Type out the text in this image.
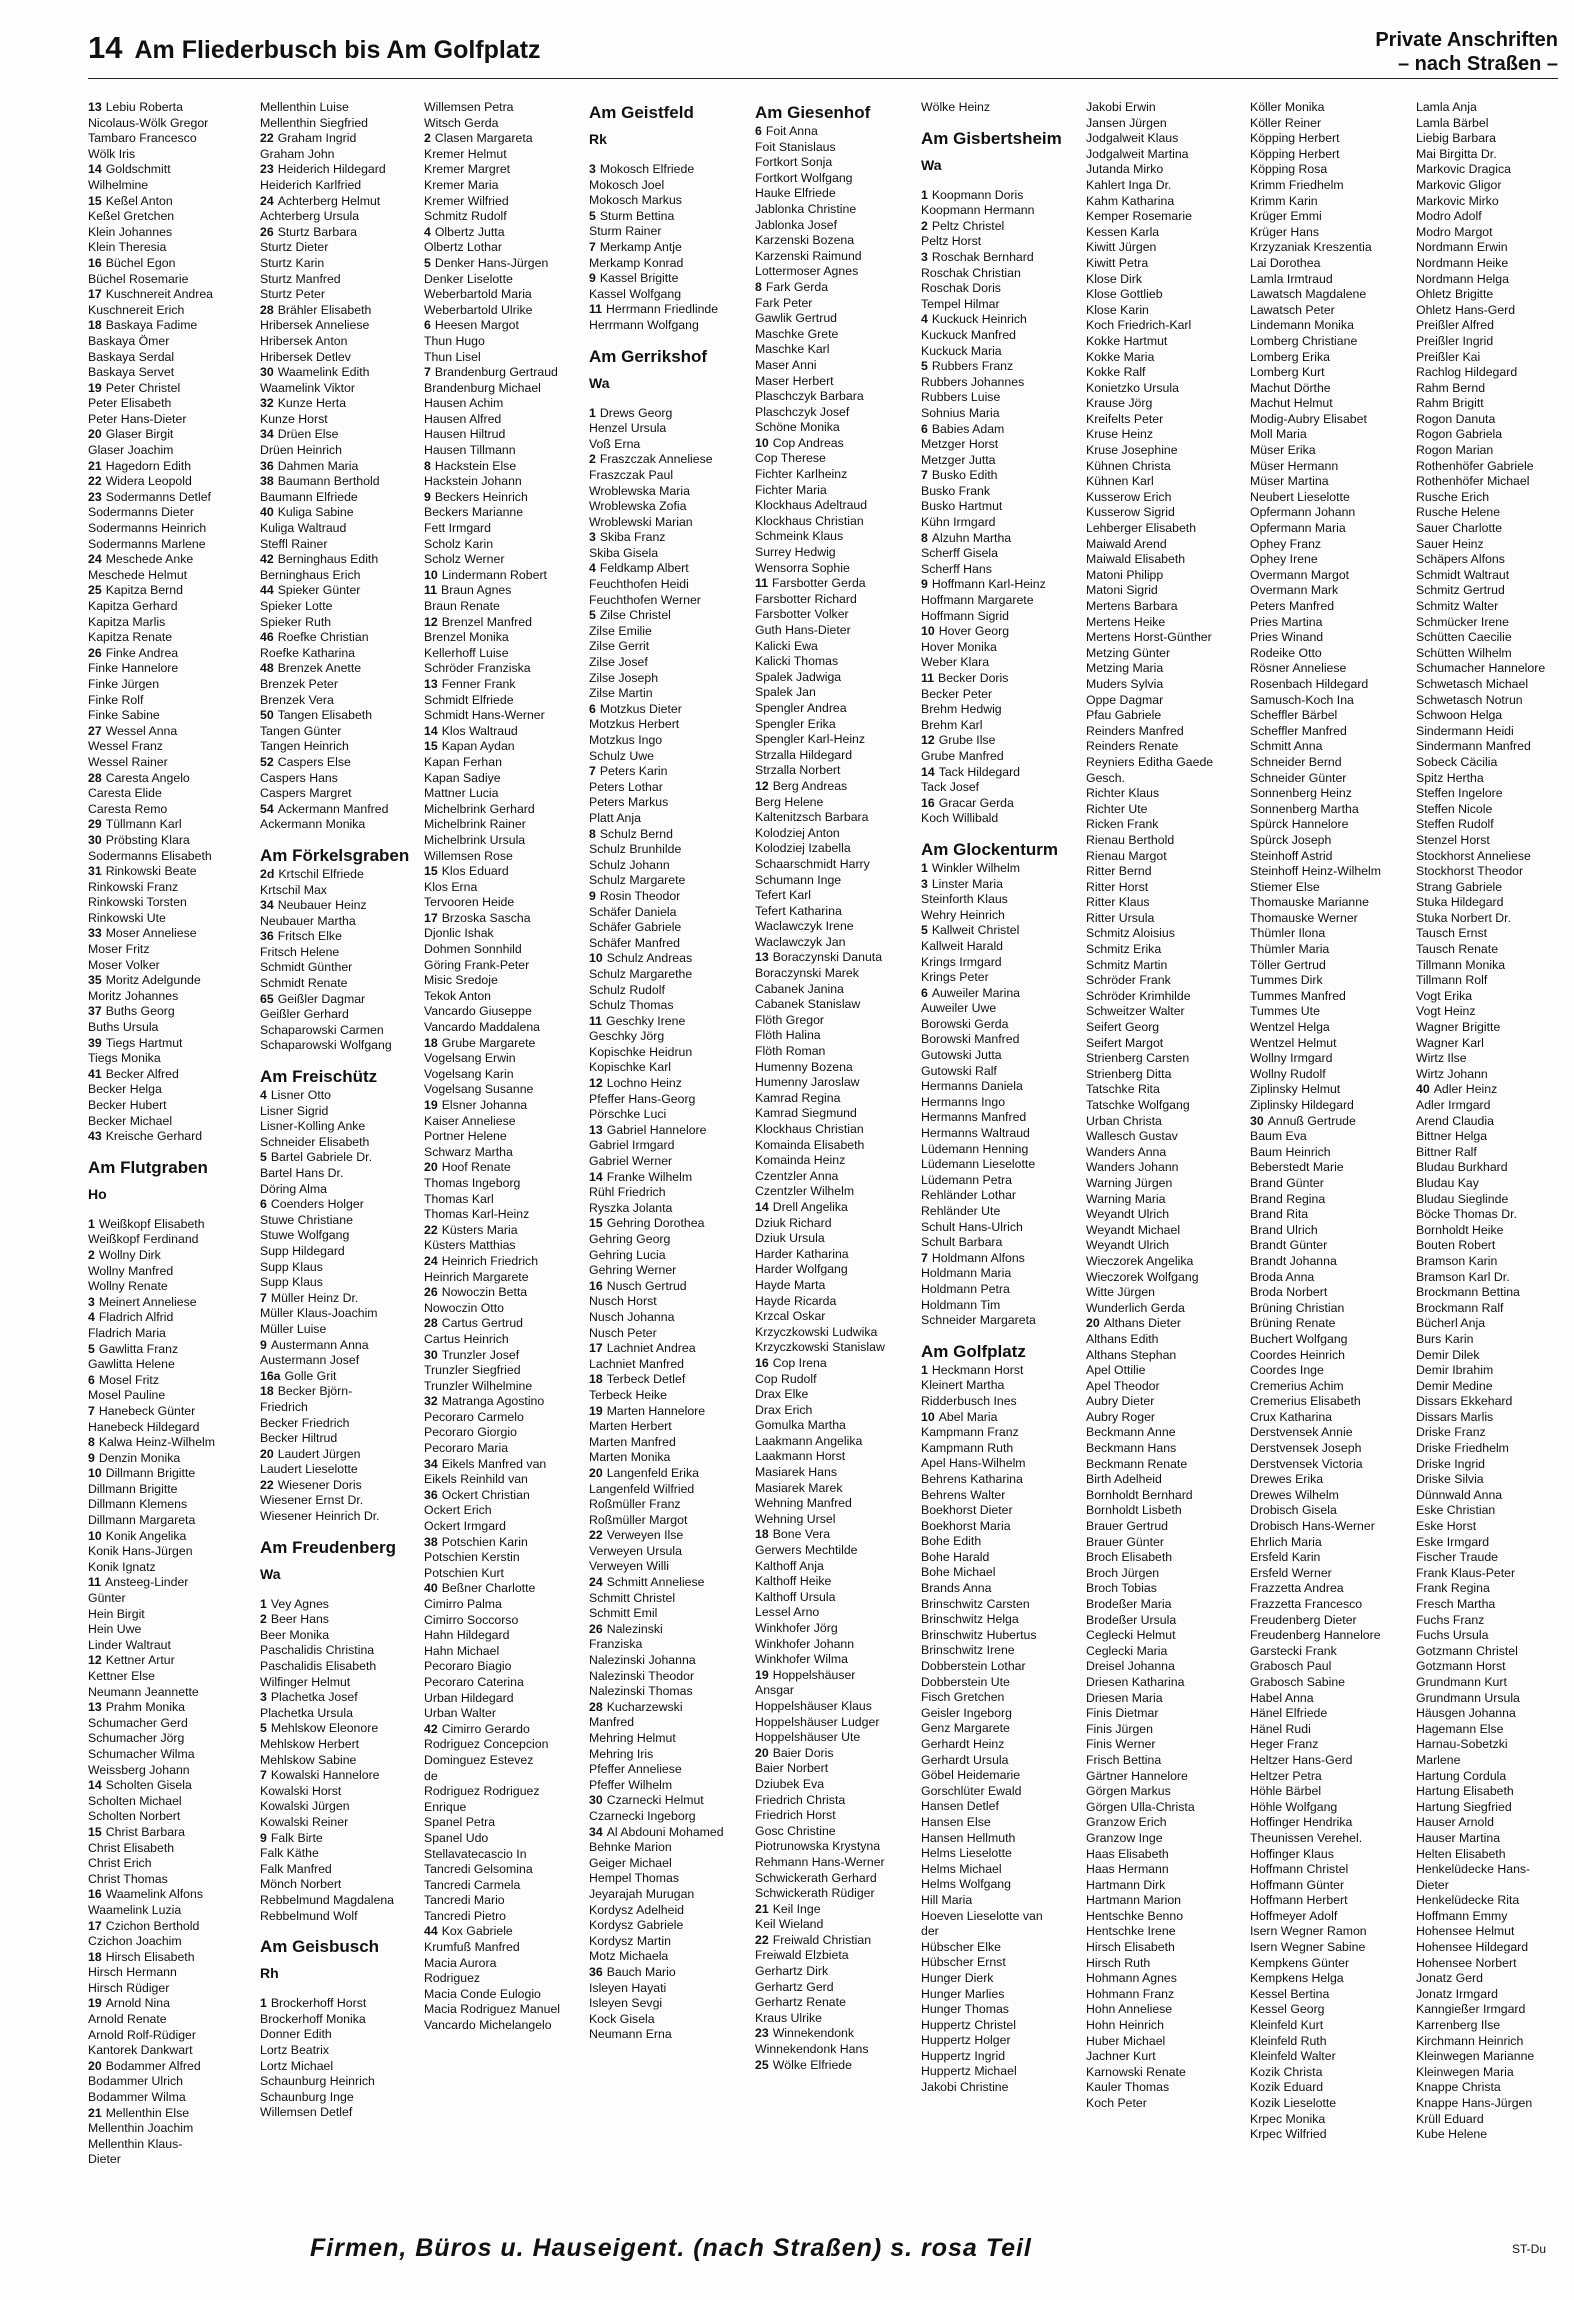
14 Am Fliederbusch bis Am Golfplatz	Private Anschriften
– nach Straßen –
13 Lebiu Roberta
Nicolaus-Wölk Gregor
Tambaro Francesco
Wölk Iris
14 Goldschmitt
Wilhelmine
15 Keßel Anton
Keßel Gretchen
Klein Johannes
Klein Theresia
16 Büchel Egon
Büchel Rosemarie
17 Kuschnereit Andrea
Kuschnereit Erich
18 Baskaya Fadime
Baskaya Ömer
Baskaya Serdal
Baskaya Servet
19 Peter Christel
Peter Elisabeth
Peter Hans-Dieter
20 Glaser Birgit
Glaser Joachim
21 Hagedorn Edith
22 Widera Leopold
23 Sodermanns Detlef
Sodermanns Dieter
Sodermanns Heinrich
Sodermanns Marlene
24 Meschede Anke
Meschede Helmut
25 Kapitza Bernd
Kapitza Gerhard
Kapitza Marlis
Kapitza Renate
26 Finke Andrea
Finke Hannelore
Finke Jürgen
Finke Rolf
Finke Sabine
27 Wessel Anna
Wessel Franz
Wessel Rainer
28 Caresta Angelo
Caresta Elide
Caresta Remo
29 Tüllmann Karl
30 Pröbsting Klara
Sodermanns Elisabeth
31 Rinkowski Beate
Rinkowski Franz
Rinkowski Torsten
Rinkowski Ute
33 Moser Anneliese
Moser Fritz
Moser Volker
35 Moritz Adelgunde
Moritz Johannes
37 Buths Georg
Buths Ursula
39 Tiegs Hartmut
Tiegs Monika
41 Becker Alfred
Becker Helga
Becker Hubert
Becker Michael
43 Kreische Gerhard
Am Flutgraben
Ho
1 Weißkopf Elisabeth
Weißkopf Ferdinand
2 Wollny Dirk
Wollny Manfred
Wollny Renate
3 Meinert Anneliese
4 Fladrich Alfrid
Fladrich Maria
5 Gawlitta Franz
Gawlitta Helene
6 Mosel Fritz
Mosel Pauline
7 Hanebeck Günter
Hanebeck Hildegard
8 Kalwa Heinz-Wilhelm
9 Denzin Monika
10 Dillmann Brigitte
Dillmann Brigitte
Dillmann Klemens
Dillmann Margareta
10 Konik Angelika
Konik Hans-Jürgen
Konik Ignatz
11 Ansteeg-Linder
Günter
Hein Birgit
Hein Uwe
Linder Waltraut
12 Kettner Artur
Kettner Else
Neumann Jeannette
13 Prahm Monika
Schumacher Gerd
Schumacher Jörg
Schumacher Wilma
Weissberg Johann
14 Scholten Gisela
Scholten Michael
Scholten Norbert
15 Christ Barbara
Christ Elisabeth
Christ Erich
Christ Thomas
16 Waamelink Alfons
Waamelink Luzia
17 Czichon Berthold
Czichon Joachim
18 Hirsch Elisabeth
Hirsch Hermann
Hirsch Rüdiger
19 Arnold Nina
Arnold Renate
Arnold Rolf-Rüdiger
Kantorek Dankwart
20 Bodammer Alfred
Bodammer Ulrich
Bodammer Wilma
21 Mellenthin Else
Mellenthin Joachim
Mellenthin Klaus-
Dieter
Mellenthin Luise
Mellenthin Siegfried
22 Graham Ingrid
Graham John
23 Heiderich Hildegard
Heiderich Karlfried
24 Achterberg Helmut
Achterberg Ursula
26 Sturtz Barbara
Sturtz Dieter
Sturtz Karin
Sturtz Manfred
Sturtz Peter
28 Brähler Elisabeth
Hribersek Anneliese
Hribersek Anton
Hribersek Detlev
30 Waamelink Edith
Waamelink Viktor
32 Kunze Herta
Kunze Horst
34 Drüen Else
Drüen Heinrich
36 Dahmen Maria
38 Baumann Berthold
Baumann Elfriede
40 Kuliga Sabine
Kuliga Waltraud
Steffl Rainer
42 Berninghaus Edith
Berninghaus Erich
44 Spieker Günter
Spieker Lotte
Spieker Ruth
46 Roefke Christian
Roefke Katharina
48 Brenzek Anette
Brenzek Peter
Brenzek Vera
50 Tangen Elisabeth
Tangen Günter
Tangen Heinrich
52 Caspers Else
Caspers Hans
Caspers Margret
54 Ackermann Manfred
Ackermann Monika
Am Förkelsgraben
2d Krtschil Elfriede
Krtschil Max
34 Neubauer Heinz
Neubauer Martha
36 Fritsch Elke
Fritsch Helene
Schmidt Günther
Schmidt Renate
65 Geißler Dagmar
Geißler Gerhard
Schaparowski Carmen
Schaparowski Wolfgang
Am Freischütz
4 Lisner Otto
Lisner Sigrid
Lisner-Kolling Anke
Schneider Elisabeth
5 Bartel Gabriele Dr.
Bartel Hans Dr.
Döring Alma
6 Coenders Holger
Stuwe Christiane
Stuwe Wolfgang
Supp Hildegard
Supp Klaus
Supp Klaus
7 Müller Heinz Dr.
Müller Klaus-Joachim
Müller Luise
9 Austermann Anna
Austermann Josef
16a Golle Grit
18 Becker Björn-
Friedrich
Becker Friedrich
Becker Hiltrud
20 Laudert Jürgen
Laudert Lieselotte
22 Wiesener Doris
Wiesener Ernst Dr.
Wiesener Heinrich Dr.
Am Freudenberg
Wa
1 Vey Agnes
2 Beer Hans
Beer Monika
Paschalidis Christina
Paschalidis Elisabeth
Wilfinger Helmut
3 Plachetka Josef
Plachetka Ursula
5 Mehlskow Eleonore
Mehlskow Herbert
Mehlskow Sabine
7 Kowalski Hannelore
Kowalski Horst
Kowalski Jürgen
Kowalski Reiner
9 Falk Birte
Falk Käthe
Falk Manfred
Mönch Norbert
Rebbelmund Magdalena
Rebbelmund Wolf
Am Geisbusch
Rh
1 Brockerhoff Horst
Brockerhoff Monika
Donner Edith
Lortz Beatrix
Lortz Michael
Schaunburg Heinrich
Schaunburg Inge
Willemsen Detlef
Willemsen Petra
Witsch Gerda
2 Clasen Margareta
Kremer Helmut
Kremer Margret
Kremer Maria
Kremer Wilfried
Schmitz Rudolf
4 Olbertz Jutta
Olbertz Lothar
5 Denker Hans-Jürgen
Denker Liselotte
Weberbartold Maria
Weberbartold Ulrike
6 Heesen Margot
Thun Hugo
Thun Lisel
7 Brandenburg Gertraud
Brandenburg Michael
Hausen Achim
Hausen Alfred
Hausen Hiltrud
Hausen Tillmann
8 Hackstein Else
Hackstein Johann
9 Beckers Heinrich
Beckers Marianne
Fett Irmgard
Scholz Karin
Scholz Werner
10 Lindermann Robert
11 Braun Agnes
Braun Renate
12 Brenzel Manfred
Brenzel Monika
Kellerhoff Luise
Schröder Franziska
13 Fenner Frank
Schmidt Elfriede
Schmidt Hans-Werner
14 Klos Waltraud
15 Kapan Aydan
Kapan Ferhan
Kapan Sadiye
Mattner Lucia
Michelbrink Gerhard
Michelbrink Rainer
Michelbrink Ursula
Willemsen Rose
15 Klos Eduard
Klos Erna
Tervooren Heide
17 Brzoska Sascha
Djonlic Ishak
Dohmen Sonnhild
Göring Frank-Peter
Misic Sredoje
Tekok Anton
Vancardo Giuseppe
Vancardo Maddalena
18 Grube Margarete
Vogelsang Erwin
Vogelsang Karin
Vogelsang Susanne
19 Elsner Johanna
Kaiser Anneliese
Portner Helene
Schwarz Martha
20 Hoof Renate
Thomas Ingeborg
Thomas Karl
Thomas Karl-Heinz
22 Küsters Maria
Küsters Matthias
24 Heinrich Friedrich
Heinrich Margarete
26 Nowoczin Betta
Nowoczin Otto
28 Cartus Gertrud
Cartus Heinrich
30 Trunzler Josef
Trunzler Siegfried
Trunzler Wilhelmine
32 Matranga Agostino
Pecoraro Carmelo
Pecoraro Giorgio
Pecoraro Maria
34 Eikels Manfred van
Eikels Reinhild van
36 Ockert Christian
Ockert Erich
Ockert Irmgard
38 Potschien Karin
Potschien Kerstin
Potschien Kurt
40 Beßner Charlotte
Cimirro Palma
Cimirro Soccorso
Hahn Hildegard
Hahn Michael
Pecoraro Biagio
Pecoraro Caterina
Urban Hildegard
Urban Walter
42 Cimirro Gerardo
Rodriguez Concepcion
Dominguez Estevez
de
Rodriguez Rodriguez
Enrique
Spanel Petra
Spanel Udo
Stellavatecascio In
Tancredi Gelsomina
Tancredi Carmela
Tancredi Mario
Tancredi Pietro
44 Kox Gabriele
Krumfuß Manfred
Macia Aurora
Rodriguez
Macia Conde Eulogio
Macia Rodriguez Manuel
Vancardo Michelangelo
Am Geistfeld
Rk
3 Mokosch Elfriede
Mokosch Joel
Mokosch Markus
5 Sturm Bettina
Sturm Rainer
7 Merkamp Antje
Merkamp Konrad
9 Kassel Brigitte
Kassel Wolfgang
11 Herrmann Friedlinde
Herrmann Wolfgang
Am Gerrikshof
Wa
1 Drews Georg
Henzel Ursula
Voß Erna
2 Fraszczak Anneliese
Fraszczak Paul
Wroblewska Maria
Wroblewska Zofia
Wroblewski Marian
3 Skiba Franz
Skiba Gisela
4 Feldkamp Albert
Feuchthofen Heidi
Feuchthofen Werner
5 Zilse Christel
Zilse Emilie
Zilse Gerrit
Zilse Josef
Zilse Joseph
Zilse Martin
6 Motzkus Dieter
Motzkus Herbert
Motzkus Ingo
Schulz Uwe
7 Peters Karin
Peters Lothar
Peters Markus
Platt Anja
8 Schulz Bernd
Schulz Brunhilde
Schulz Johann
Schulz Margarete
9 Rosin Theodor
Schäfer Daniela
Schäfer Gabriele
Schäfer Manfred
10 Schulz Andreas
Schulz Margarethe
Schulz Rudolf
Schulz Thomas
11 Geschky Irene
Geschky Jörg
Kopischke Heidrun
Kopischke Karl
12 Lochno Heinz
Pfeffer Hans-Georg
Pörschke Luci
13 Gabriel Hannelore
Gabriel Irmgard
Gabriel Werner
14 Franke Wilhelm
Rühl Friedrich
Ryszka Jolanta
15 Gehring Dorothea
Gehring Georg
Gehring Lucia
Gehring Werner
16 Nusch Gertrud
Nusch Horst
Nusch Johanna
Nusch Peter
17 Lachniet Andrea
Lachniet Manfred
18 Terbeck Detlef
Terbeck Heike
19 Marten Hannelore
Marten Herbert
Marten Manfred
Marten Monika
20 Langenfeld Erika
Langenfeld Wilfried
Roßmüller Franz
Roßmüller Margot
22 Verweyen Ilse
Verweyen Ursula
Verweyen Willi
24 Schmitt Anneliese
Schmitt Christel
Schmitt Emil
26 Nalezinski
Franziska
Nalezinski Johanna
Nalezinski Theodor
Nalezinski Thomas
28 Kucharzewski
Manfred
Mehring Helmut
Mehring Iris
Pfeffer Anneliese
Pfeffer Wilhelm
30 Czarnecki Helmut
Czarnecki Ingeborg
34 Al Abdouni Mohamed
Behnke Marion
Geiger Michael
Hempel Thomas
Jeyarajah Murugan
Kordysz Adelheid
Kordysz Gabriele
Kordysz Martin
Motz Michaela
36 Bauch Mario
Isleyen Hayati
Isleyen Sevgi
Kock Gisela
Neumann Erna
Am Giesenhof
6 Foit Anna
Foit Stanislaus
Fortkort Sonja
Fortkort Wolfgang
Hauke Elfriede
Jablonka Christine
Jablonka Josef
Karzenski Bozena
Karzenski Raimund
Lottermoser Agnes
8 Fark Gerda
Fark Peter
Gawlik Gertrud
Maschke Grete
Maschke Karl
Maser Anni
Maser Herbert
Plaschczyk Barbara
Plaschczyk Josef
Schöne Monika
10 Cop Andreas
Cop Therese
Fichter Karlheinz
Fichter Maria
Klockhaus Adeltraud
Klockhaus Christian
Schmeink Klaus
Surrey Hedwig
Wensorra Sophie
11 Farsbotter Gerda
Farsbotter Richard
Farsbotter Volker
Guth Hans-Dieter
Kalicki Ewa
Kalicki Thomas
Spalek Jadwiga
Spalek Jan
Spengler Andrea
Spengler Erika
Spengler Karl-Heinz
Strzalla Hildegard
Strzalla Norbert
12 Berg Andreas
Berg Helene
Kaltenitzsch Barbara
Kolodziej Anton
Kolodziej Izabella
Schaarschmidt Harry
Schumann Inge
Tefert Karl
Tefert Katharina
Waclawczyk Irene
Waclawczyk Jan
13 Boraczynski Danuta
Boraczynski Marek
Cabanek Janina
Cabanek Stanislaw
Flöth Gregor
Flöth Halina
Flöth Roman
Humenny Bozena
Humenny Jaroslaw
Kamrad Regina
Kamrad Siegmund
Klockhaus Christian
Komainda Elisabeth
Komainda Heinz
Czentzler Anna
Czentzler Wilhelm
14 Drell Angelika
Dziuk Richard
Dziuk Ursula
Harder Katharina
Harder Wolfgang
Hayde Marta
Hayde Ricarda
Krzcal Oskar
Krzyczkowski Ludwika
Krzyczkowski Stanislaw
16 Cop Irena
Cop Rudolf
Drax Elke
Drax Erich
Gomulka Martha
Laakmann Angelika
Laakmann Horst
Masiarek Hans
Masiarek Marek
Wehning Manfred
Wehning Ursel
18 Bone Vera
Gerwers Mechtilde
Kalthoff Anja
Kalthoff Heike
Kalthoff Ursula
Lessel Arno
Winkhofer Jörg
Winkhofer Johann
Winkhofer Wilma
19 Hoppelshäuser
Ansgar
Hoppelshäuser Klaus
Hoppelshäuser Ludger
Hoppelshäuser Ute
20 Baier Doris
Baier Norbert
Dziubek Eva
Friedrich Christa
Friedrich Horst
Gosc Christine
Piotrunowska Krystyna
Rehmann Hans-Werner
Schwickerath Gerhard
Schwickerath Rüdiger
21 Keil Inge
Keil Wieland
22 Freiwald Christian
Freiwald Elzbieta
Gerhartz Dirk
Gerhartz Gerd
Gerhartz Renate
Kraus Ulrike
23 Winnekendonk
Winnekendonk Hans
25 Wölke Elfriede
Wölke Heinz
Am Gisbertsheim
Wa
1 Koopmann Doris
Koopmann Hermann
2 Peltz Christel
Peltz Horst
3 Roschak Bernhard
Roschak Christian
Roschak Doris
Tempel Hilmar
4 Kuckuck Heinrich
Kuckuck Manfred
Kuckuck Maria
5 Rubbers Franz
Rubbers Johannes
Rubbers Luise
Sohnius Maria
6 Babies Adam
Metzger Horst
Metzger Jutta
7 Busko Edith
Busko Frank
Busko Hartmut
Kühn Irmgard
8 Alzuhn Martha
Scherff Gisela
Scherff Hans
9 Hoffmann Karl-Heinz
Hoffmann Margarete
Hoffmann Sigrid
10 Hover Georg
Hover Monika
Weber Klara
11 Becker Doris
Becker Peter
Brehm Hedwig
Brehm Karl
12 Grube Ilse
Grube Manfred
14 Tack Hildegard
Tack Josef
16 Gracar Gerda
Koch Willibald
Am Glockenturm
1 Winkler Wilhelm
3 Linster Maria
Steinforth Klaus
Wehry Heinrich
5 Kallweit Christel
Kallweit Harald
Krings Irmgard
Krings Peter
6 Auweiler Marina
Auweiler Uwe
Borowski Gerda
Borowski Manfred
Gutowski Jutta
Gutowski Ralf
Hermanns Daniela
Hermanns Ingo
Hermanns Manfred
Hermanns Waltraud
Lüdemann Henning
Lüdemann Lieselotte
Lüdemann Petra
Rehländer Lothar
Rehländer Ute
Schult Hans-Ulrich
Schult Barbara
7 Holdmann Alfons
Holdmann Maria
Holdmann Petra
Holdmann Tim
Schneider Margareta
Am Golfplatz
1 Heckmann Horst
Kleinert Martha
Ridderbusch Ines
10 Abel Maria
Kampmann Franz
Kampmann Ruth
Apel Hans-Wilhelm
Behrens Katharina
Behrens Walter
Boekhorst Dieter
Boekhorst Maria
Bohe Edith
Bohe Harald
Bohe Michael
Brands Anna
Brinschwitz Carsten
Brinschwitz Helga
Brinschwitz Hubertus
Brinschwitz Irene
Dobberstein Lothar
Dobberstein Ute
Fisch Gretchen
Geisler Ingeborg
Genz Margarete
Gerhardt Heinz
Gerhardt Ursula
Göbel Heidemarie
Gorschlüter Ewald
Hansen Detlef
Hansen Else
Hansen Hellmuth
Helms Lieselotte
Helms Michael
Helms Wolfgang
Hill Maria
Hoeven Lieselotte van
der
Hübscher Elke
Hübscher Ernst
Hunger Dierk
Hunger Marlies
Hunger Thomas
Huppertz Christel
Huppertz Holger
Huppertz Ingrid
Huppertz Michael
Jakobi Christine
Jakobi Erwin
Jansen Jürgen
Jodgalweit Klaus
Jodgalweit Martina
Jutanda Mirko
Kahlert Inga Dr.
Kahm Katharina
Kemper Rosemarie
Kessen Karla
Kiwitt Jürgen
Kiwitt Petra
Klose Dirk
Klose Gottlieb
Klose Karin
Koch Friedrich-Karl
Kokke Hartmut
Kokke Maria
Kokke Ralf
Konietzko Ursula
Krause Jörg
Kreifelts Peter
Kruse Heinz
Kruse Josephine
Kühnen Christa
Kühnen Karl
Kusserow Erich
Kusserow Sigrid
Lehberger Elisabeth
Maiwald Arend
Maiwald Elisabeth
Matoni Philipp
Matoni Sigrid
Mertens Barbara
Mertens Heike
Mertens Horst-Günther
Metzing Günter
Metzing Maria
Muders Sylvia
Oppe Dagmar
Pfau Gabriele
Reinders Manfred
Reinders Renate
Reyniers Editha Gaede
Gesch.
Richter Klaus
Richter Ute
Ricken Frank
Rienau Berthold
Rienau Margot
Ritter Bernd
Ritter Horst
Ritter Klaus
Ritter Ursula
Schmitz Aloisius
Schmitz Erika
Schmitz Martin
Schröder Frank
Schröder Krimhilde
Schweitzer Walter
Seifert Georg
Seifert Margot
Strienberg Carsten
Strienberg Ditta
Tatschke Rita
Tatschke Wolfgang
Urban Christa
Wallesch Gustav
Wanders Anna
Wanders Johann
Warning Jürgen
Warning Maria
Weyandt Ulrich
Weyandt Michael
Weyandt Ulrich
Wieczorek Angelika
Wieczorek Wolfgang
Witte Jürgen
Wunderlich Gerda
20 Althans Dieter
Althans Edith
Althans Stephan
Apel Ottilie
Apel Theodor
Aubry Dieter
Aubry Roger
Beckmann Anne
Beckmann Hans
Beckmann Renate
Birth Adelheid
Bornholdt Bernhard
Bornholdt Lisbeth
Brauer Gertrud
Brauer Günter
Broch Elisabeth
Broch Jürgen
Broch Tobias
Brodeßer Maria
Brodeßer Ursula
Ceglecki Helmut
Ceglecki Maria
Dreisel Johanna
Driesen Katharina
Driesen Maria
Finis Dietmar
Finis Jürgen
Finis Werner
Frisch Bettina
Gärtner Hannelore
Görgen Markus
Görgen Ulla-Christa
Granzow Erich
Granzow Inge
Haas Elisabeth
Haas Hermann
Hartmann Dirk
Hartmann Marion
Hentschke Benno
Hentschke Irene
Hirsch Elisabeth
Hirsch Ruth
Hohmann Agnes
Hohmann Franz
Hohn Anneliese
Hohn Heinrich
Huber Michael
Jachner Kurt
Karnowski Renate
Kauler Thomas
Koch Peter
Köller Monika
Köller Reiner
Köpping Herbert
Köpping Herbert
Köpping Rosa
Krimm Friedhelm
Krimm Karin
Krüger Emmi
Krüger Hans
Krzyzaniak Kreszentia
Lai Dorothea
Lamla Irmtraud
Lawatsch Magdalene
Lawatsch Peter
Lindemann Monika
Lomberg Christiane
Lomberg Erika
Lomberg Kurt
Machut Dörthe
Machut Helmut
Modig-Aubry Elisabet
Moll Maria
Müser Erika
Müser Hermann
Müser Martina
Neubert Lieselotte
Opfermann Johann
Opfermann Maria
Ophey Franz
Ophey Irene
Overmann Margot
Overmann Mark
Peters Manfred
Pries Martina
Pries Winand
Rodeike Otto
Rösner Anneliese
Rosenbach Hildegard
Samusch-Koch Ina
Scheffler Bärbel
Scheffler Manfred
Schmitt Anna
Schneider Bernd
Schneider Günter
Sonnenberg Heinz
Sonnenberg Martha
Spürck Hannelore
Spürck Joseph
Steinhoff Astrid
Steinhoff Heinz-Wilhelm
Stiemer Else
Thomauske Marianne
Thomauske Werner
Thümler Ilona
Thümler Maria
Töller Gertrud
Tummes Dirk
Tummes Manfred
Tummes Ute
Wentzel Helga
Wentzel Helmut
Wollny Irmgard
Wollny Rudolf
Ziplinsky Helmut
Ziplinsky Hildegard
30 Annuß Gertrude
Baum Eva
Baum Heinrich
Beberstedt Marie
Brand Günter
Brand Regina
Brand Rita
Brand Ulrich
Brandt Günter
Brandt Johanna
Broda Anna
Broda Norbert
Brüning Christian
Brüning Renate
Buchert Wolfgang
Coordes Heinrich
Coordes Inge
Cremerius Achim
Cremerius Elisabeth
Crux Katharina
Derstvensek Annie
Derstvensek Joseph
Derstvensek Victoria
Drewes Erika
Drewes Wilhelm
Drobisch Gisela
Drobisch Hans-Werner
Ehrlich Maria
Ersfeld Karin
Ersfeld Werner
Frazzetta Andrea
Frazzetta Francesco
Freudenberg Dieter
Freudenberg Hannelore
Garstecki Frank
Grabosch Paul
Grabosch Sabine
Habel Anna
Hänel Elfriede
Hänel Rudi
Heger Franz
Heltzer Hans-Gerd
Heltzer Petra
Höhle Bärbel
Höhle Wolfgang
Hoffinger Hendrika
Theunissen Verehel.
Hoffinger Klaus
Hoffmann Christel
Hoffmann Günter
Hoffmann Herbert
Hoffmeyer Adolf
Isern Wegner Ramon
Isern Wegner Sabine
Kempkens Günter
Kempkens Helga
Kessel Bertina
Kessel Georg
Kleinfeld Kurt
Kleinfeld Ruth
Kleinfeld Walter
Kozik Christa
Kozik Eduard
Kozik Lieselotte
Krpec Monika
Krpec Wilfried
Lamla Anja
Lamla Bärbel
Liebig Barbara
Mai Birgitta Dr.
Markovic Dragica
Markovic Gligor
Markovic Mirko
Modro Adolf
Modro Margot
Nordmann Erwin
Nordmann Heike
Nordmann Helga
Ohletz Brigitte
Ohletz Hans-Gerd
Preißler Alfred
Preißler Ingrid
Preißler Kai
Rachlog Hildegard
Rahm Bernd
Rahm Brigitt
Rogon Danuta
Rogon Gabriela
Rogon Marian
Rothenhöfer Gabriele
Rothenhöfer Michael
Rusche Erich
Rusche Helene
Sauer Charlotte
Sauer Heinz
Schäpers Alfons
Schmidt Waltraut
Schmitz Gertrud
Schmitz Walter
Schmücker Irene
Schütten Caecilie
Schütten Wilhelm
Schumacher Hannelore
Schwetasch Michael
Schwetasch Notrun
Schwoon Helga
Sindermann Heidi
Sindermann Manfred
Sobeck Cäcilia
Spitz Hertha
Steffen Ingelore
Steffen Nicole
Steffen Rudolf
Stenzel Horst
Stockhorst Anneliese
Stockhorst Theodor
Strang Gabriele
Stuka Hildegard
Stuka Norbert Dr.
Tausch Ernst
Tausch Renate
Tillmann Monika
Tillmann Rolf
Vogt Erika
Vogt Heinz
Wagner Brigitte
Wagner Karl
Wirtz Ilse
Wirtz Johann
40 Adler Heinz
Adler Irmgard
Arend Claudia
Bittner Helga
Bittner Ralf
Bludau Burkhard
Bludau Kay
Bludau Sieglinde
Böcke Thomas Dr.
Bornholdt Heike
Bouten Robert
Bramson Karin
Bramson Karl Dr.
Brockmann Bettina
Brockmann Ralf
Bücherl Anja
Burs Karin
Demir Dilek
Demir Ibrahim
Demir Medine
Dissars Ekkehard
Dissars Marlis
Driske Franz
Driske Friedhelm
Driske Ingrid
Driske Silvia
Dünnwald Anna
Eske Christian
Eske Horst
Eske Irmgard
Fischer Traude
Frank Klaus-Peter
Frank Regina
Fresch Martha
Fuchs Franz
Fuchs Ursula
Gotzmann Christel
Gotzmann Horst
Grundmann Kurt
Grundmann Ursula
Häusgen Johanna
Hagemann Else
Harnau-Sobetzki
Marlene
Hartung Cordula
Hartung Elisabeth
Hartung Siegfried
Hauser Arnold
Hauser Martina
Helten Elisabeth
Henkelüdecke Hans-
Dieter
Henkelüdecke Rita
Hoffmann Emmy
Hohensee Helmut
Hohensee Hildegard
Hohensee Norbert
Jonatz Gerd
Jonatz Irmgard
Kanngießer Irmgard
Karrenberg Ilse
Kirchmann Heinrich
Kleinwegen Marianne
Kleinwegen Maria
Knappe Christa
Knappe Hans-Jürgen
Krüll Eduard
Kube Helene
Firmen, Büros u. Hauseigent. (nach Straßen) s. rosa Teil	ST-Du
